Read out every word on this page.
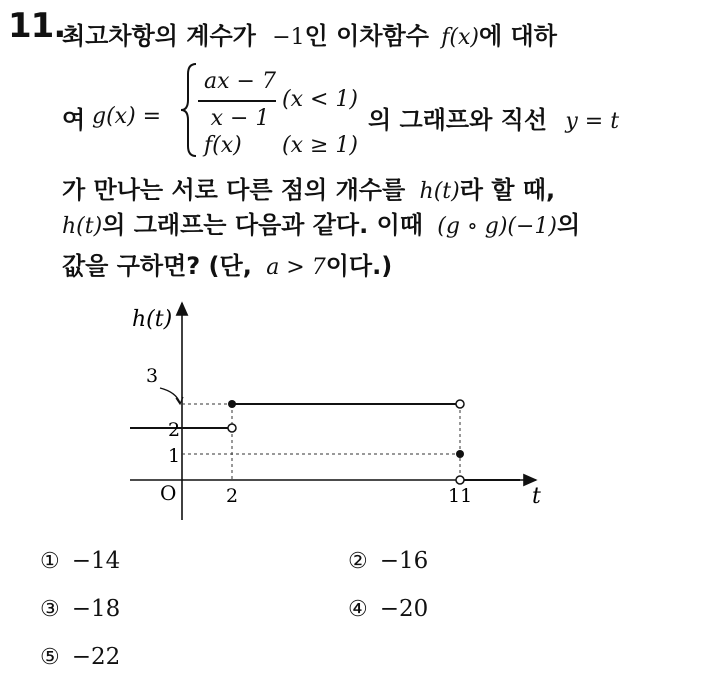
11.
최고차항의 계수가 −1인 이차함수 f(x)에 대하
여 g(x) =
ax − 7
x − 1
(x < 1)
f(x) (x ≥ 1)
의 그래프와 직선 y = t
가 만나는 서로 다른 점의 개수를 h(t)라 할 때,
h(t)의 그래프는 다음과 같다. 이때 (g ∘ g)(−1)의
값을 구하면? (단, a > 7이다.)
h(t)
t
O
1
2
2	11
3
① −14	② −16
③ −18	④ −20
⑤ −22
